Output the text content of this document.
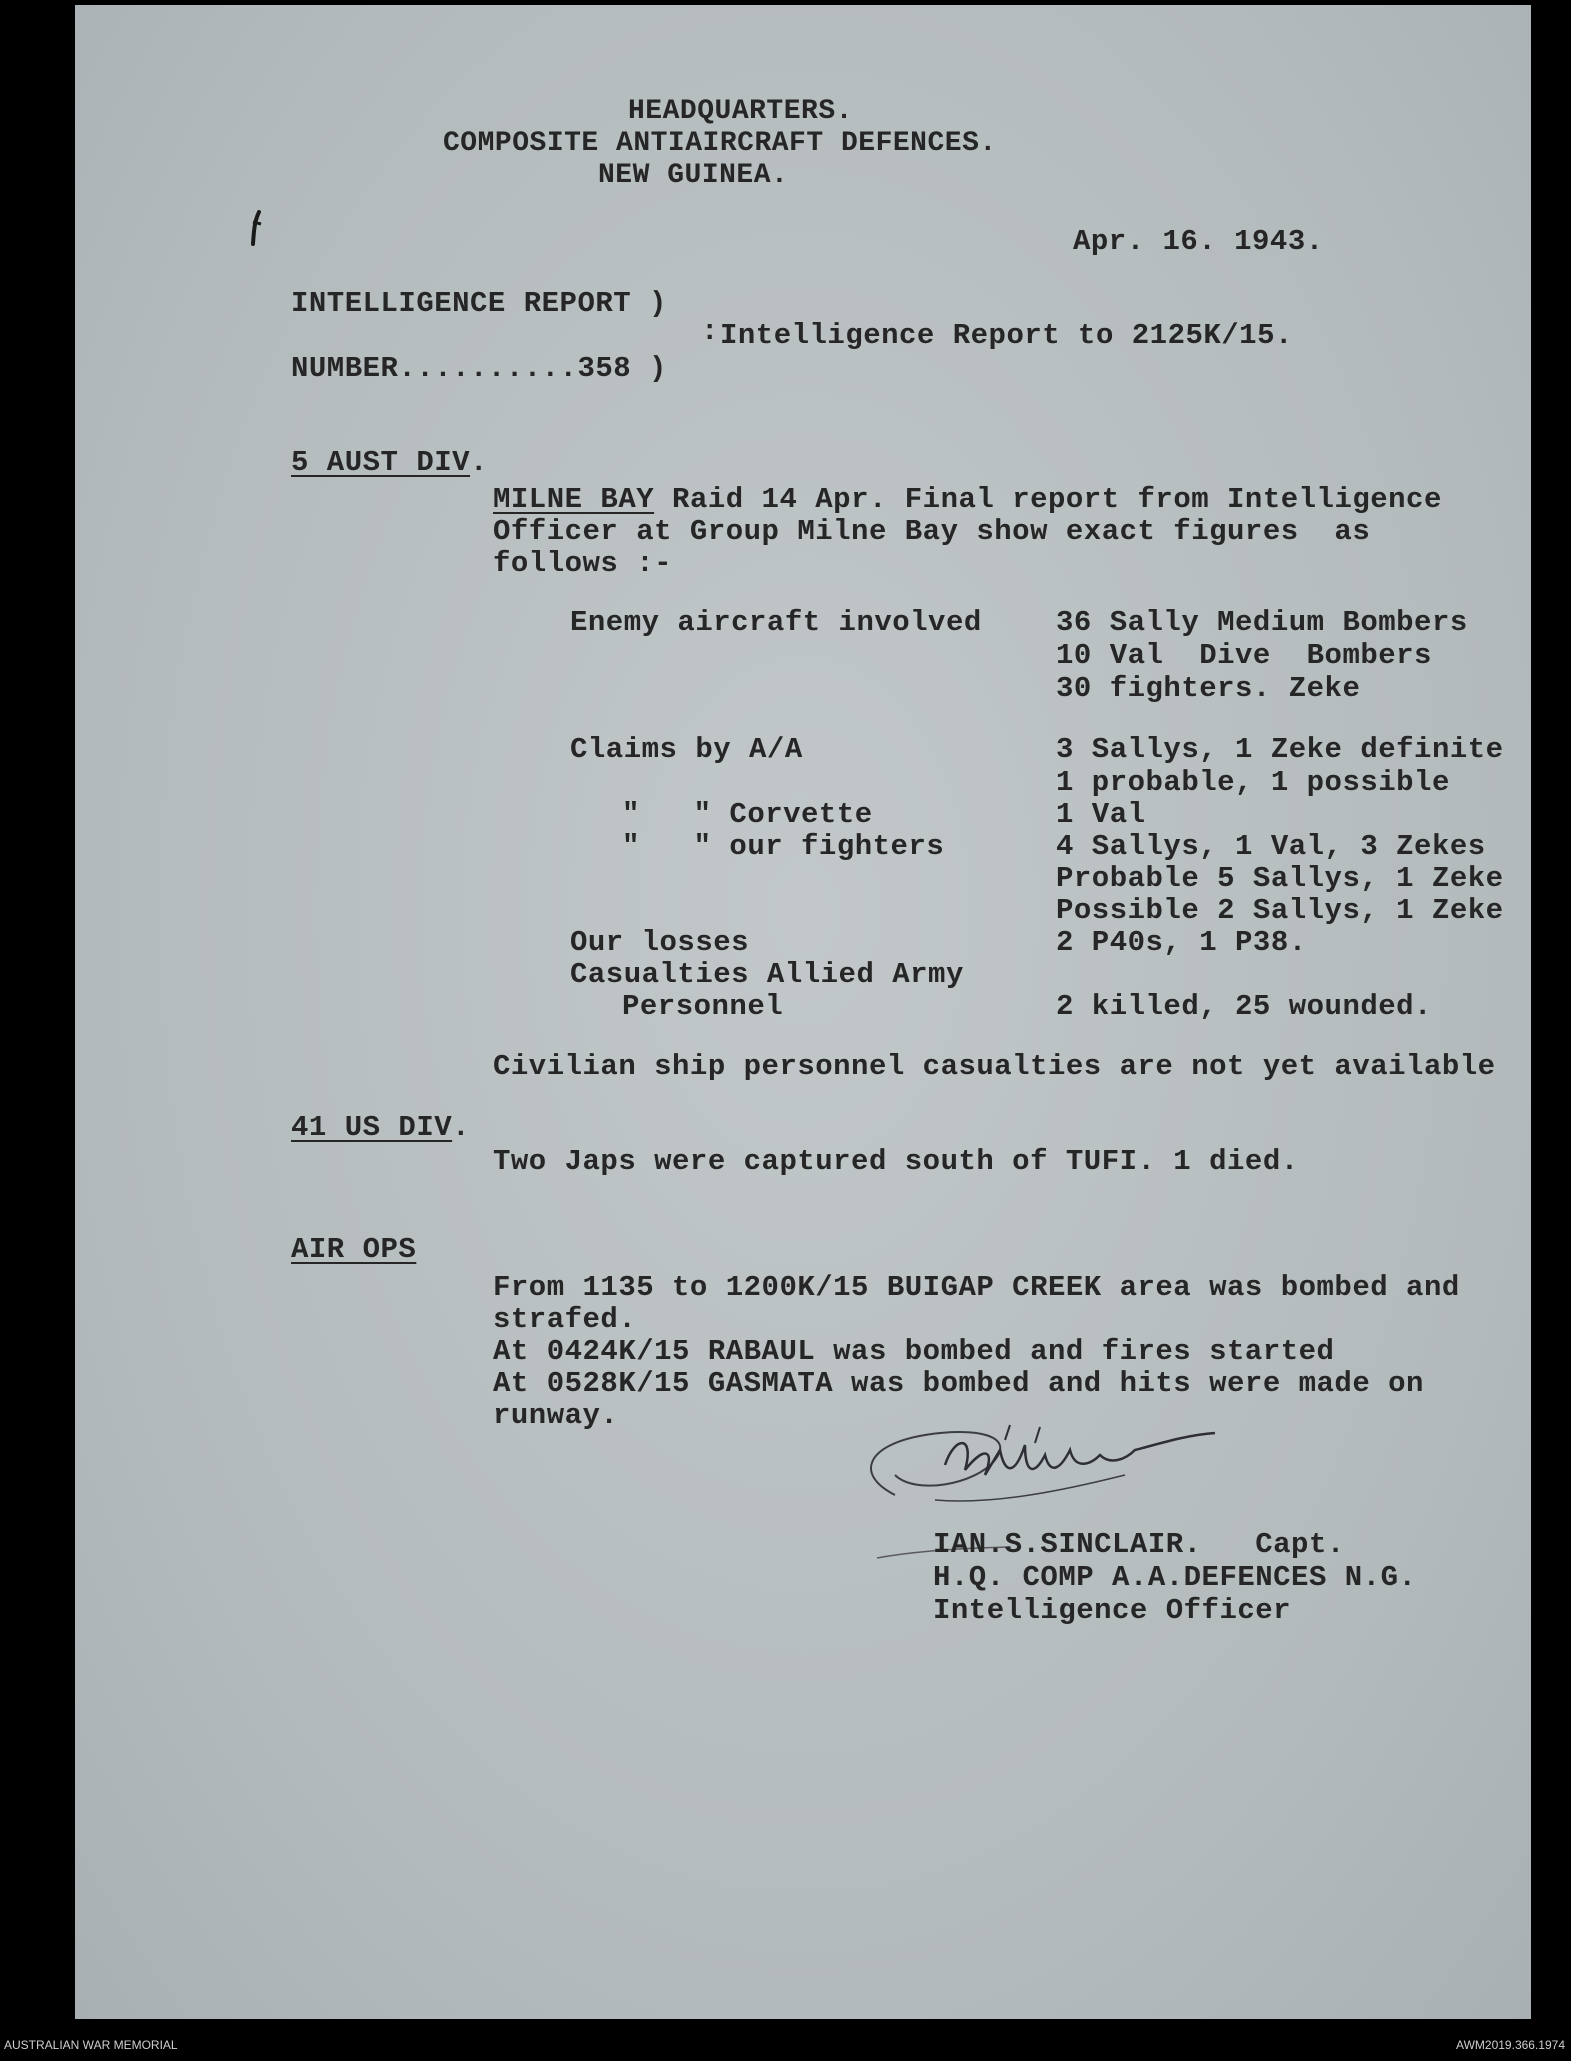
HEADQUARTERS.
COMPOSITE ANTIAIRCRAFT DEFENCES.
NEW GUINEA.
Apr. 16. 1943.
INTELLIGENCE REPORT )
: Intelligence Report to 2125K/15.
NUMBER..........358 )
5 AUST DIV.
MILNE BAY Raid 14 Apr. Final report from Intelligence
Officer at Group Milne Bay show exact figures  as
follows :-
Enemy aircraft involved	36 Sally Medium Bombers
10 Val  Dive  Bombers
30 fighters. Zeke
Claims by A/A	3 Sallys, 1 Zeke definite
1 probable, 1 possible
"   " Corvette	1 Val
"   " our fighters	4 Sallys, 1 Val, 3 Zekes
Probable 5 Sallys, 1 Zeke
Possible 2 Sallys, 1 Zeke
Our losses	2 P40s, 1 P38.
Casualties Allied Army
Personnel	2 killed, 25 wounded.
Civilian ship personnel casualties are not yet available
41 US DIV.
Two Japs were captured south of TUFI. 1 died.
AIR OPS
From 1135 to 1200K/15 BUIGAP CREEK area was bombed and
strafed.
At 0424K/15 RABAUL was bombed and fires started
At 0528K/15 GASMATA was bombed and hits were made on
runway.
IAN.S.SINCLAIR.   Capt.
H.Q. COMP A.A.DEFENCES N.G.
Intelligence Officer
AUSTRALIAN WAR MEMORIAL	AWM2019.366.1974
